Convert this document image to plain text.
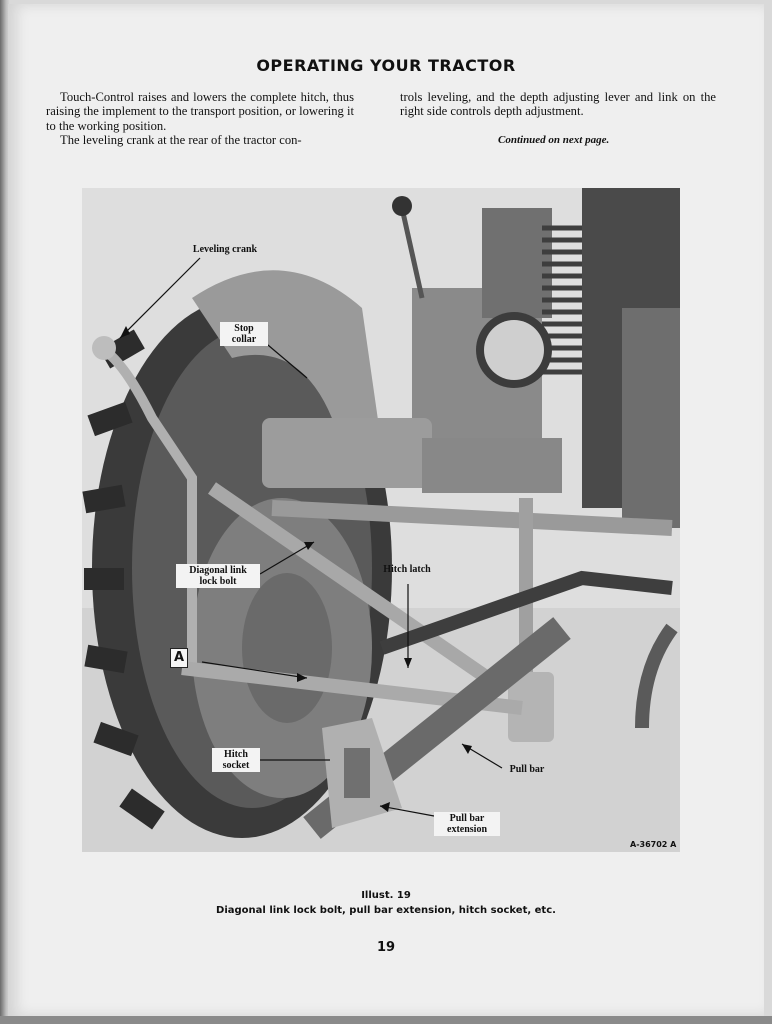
OPERATING YOUR TRACTOR

Touch-Control raises and lowers the complete hitch, thus raising the implement to the transport position, or lowering it to the working position.

The leveling crank at the rear of the tractor con-

trols leveling, and the depth adjusting lever and link on the right side controls depth adjustment.

Continued on next page.
Leveling crank
Stop collar
Diagonal link lock bolt
Hitch latch
A
Hitch socket	Pull bar
Pull bar extension
A-36702 A
Illust. 19
Diagonal link lock bolt, pull bar extension, hitch socket, etc.
19
